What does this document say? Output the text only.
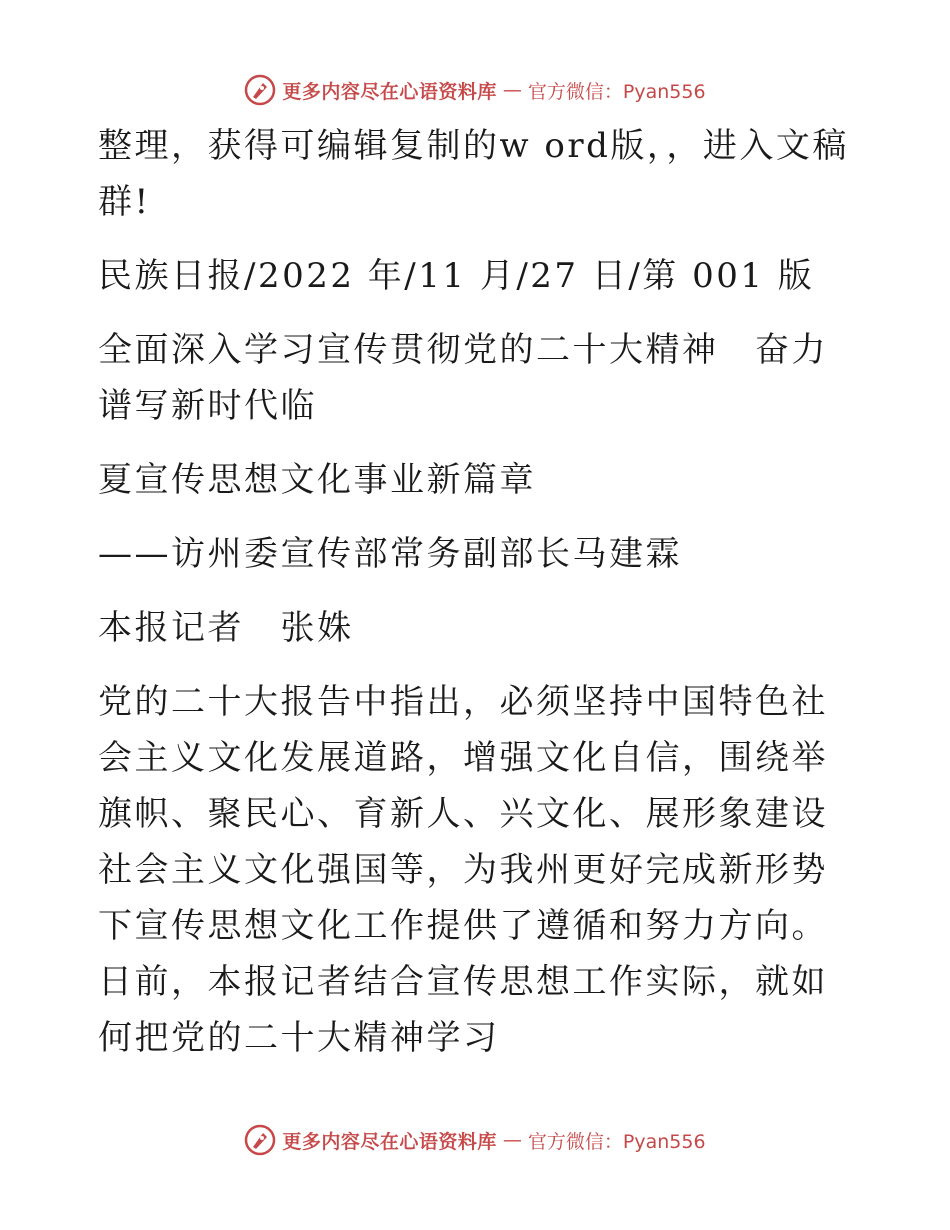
更多内容尽在心语资料库 — 官方微信：Pyan556

整理，获得可编辑复制的w ord版，，进入文稿群!

民族日报/2022 年/11 月/27 日/第 001 版

全面深入学习宣传贯彻党的二十大精神　奋力谱写新时代临

夏宣传思想文化事业新篇章

——访州委宣传部常务副部长马建霖

本报记者　张姝

党的二十大报告中指出，必须坚持中国特色社会主义文化发展道路，增强文化自信，围绕举旗帜、聚民心、育新人、兴文化、展形象建设社会主义文化强国等，为我州更好完成新形势下宣传思想文化工作提供了遵循和努力方向。日前，本报记者结合宣传思想工作实际，就如何把党的二十大精神学习

更多内容尽在心语资料库 — 官方微信：Pyan556
